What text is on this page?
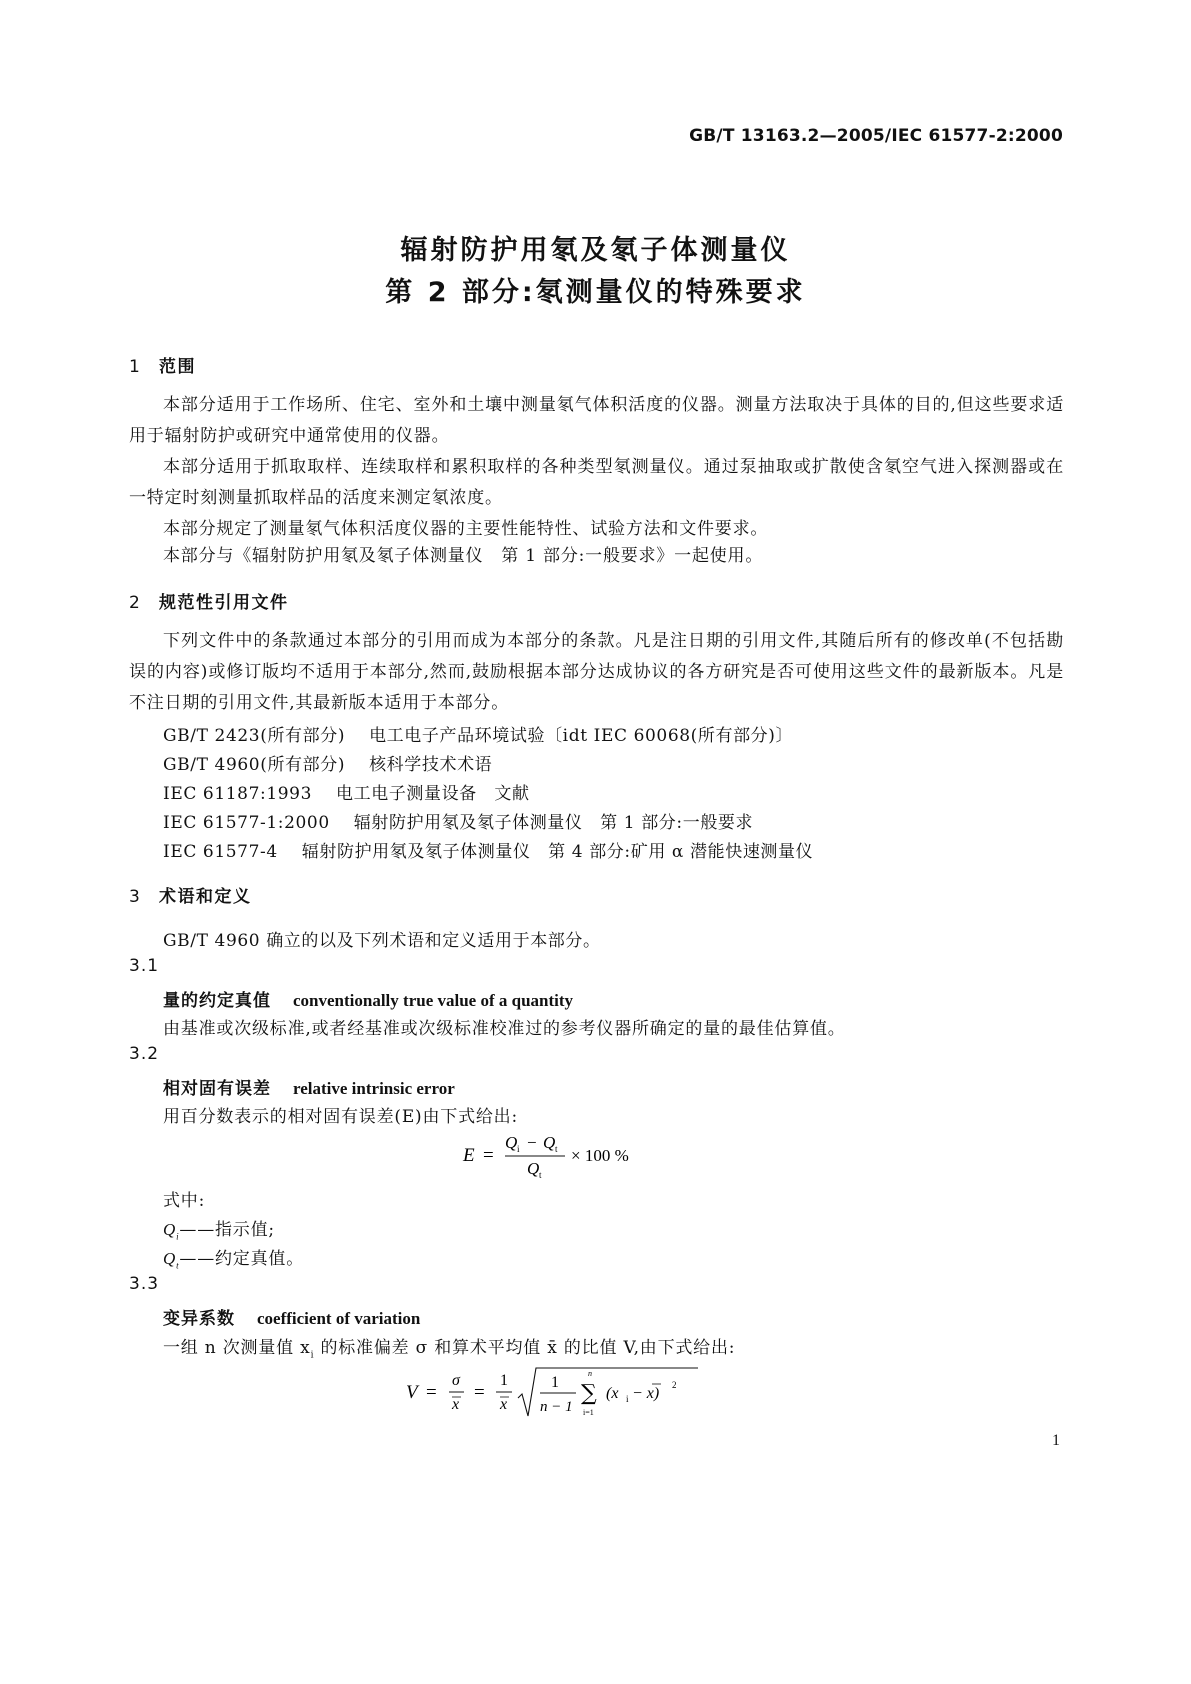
GB/T 13163.2—2005/IEC 61577-2:2000
辐射防护用氡及氡子体测量仪
第 2 部分:氡测量仪的特殊要求
1 范围
本部分适用于工作场所、住宅、室外和土壤中测量氡气体积活度的仪器。测量方法取决于具体的目的,但这些要求适用于辐射防护或研究中通常使用的仪器。
本部分适用于抓取取样、连续取样和累积取样的各种类型氡测量仪。通过泵抽取或扩散使含氡空气进入探测器或在一特定时刻测量抓取样品的活度来测定氡浓度。
本部分规定了测量氡气体积活度仪器的主要性能特性、试验方法和文件要求。
本部分与《辐射防护用氡及氡子体测量仪　第 1 部分:一般要求》一起使用。
2 规范性引用文件
下列文件中的条款通过本部分的引用而成为本部分的条款。凡是注日期的引用文件,其随后所有的修改单(不包括勘误的内容)或修订版均不适用于本部分,然而,鼓励根据本部分达成协议的各方研究是否可使用这些文件的最新版本。凡是不注日期的引用文件,其最新版本适用于本部分。
GB/T 2423(所有部分) 电工电子产品环境试验〔idt IEC 60068(所有部分)〕
GB/T 4960(所有部分) 核科学技术术语
IEC 61187:1993 电工电子测量设备　文献
IEC 61577-1:2000 辐射防护用氡及氡子体测量仪　第 1 部分:一般要求
IEC 61577-4 辐射防护用氡及氡子体测量仪　第 4 部分:矿用 α 潜能快速测量仪
3 术语和定义
GB/T 4960 确立的以及下列术语和定义适用于本部分。
3.1
量的约定真值 conventionally true value of a quantity
由基准或次级标准,或者经基准或次级标准校准过的参考仪器所确定的量的最佳估算值。
3.2
相对固有误差 relative intrinsic error
用百分数表示的相对固有误差(E)由下式给出:
E =
Q i − Q t
Q t
× 100 %
式中:
$Q_i——$指示值;
$Q_t——$约定真值。
3.3
变异系数 coefficient of variation
一组 n 次测量值 $x_i$ 的标准偏差 σ 和算术平均值 x̄ 的比值 V,由下式给出:
V =
σ
x
=
1
x
1
n − 1
n
∑
i=1
(x i − x) 2
1
